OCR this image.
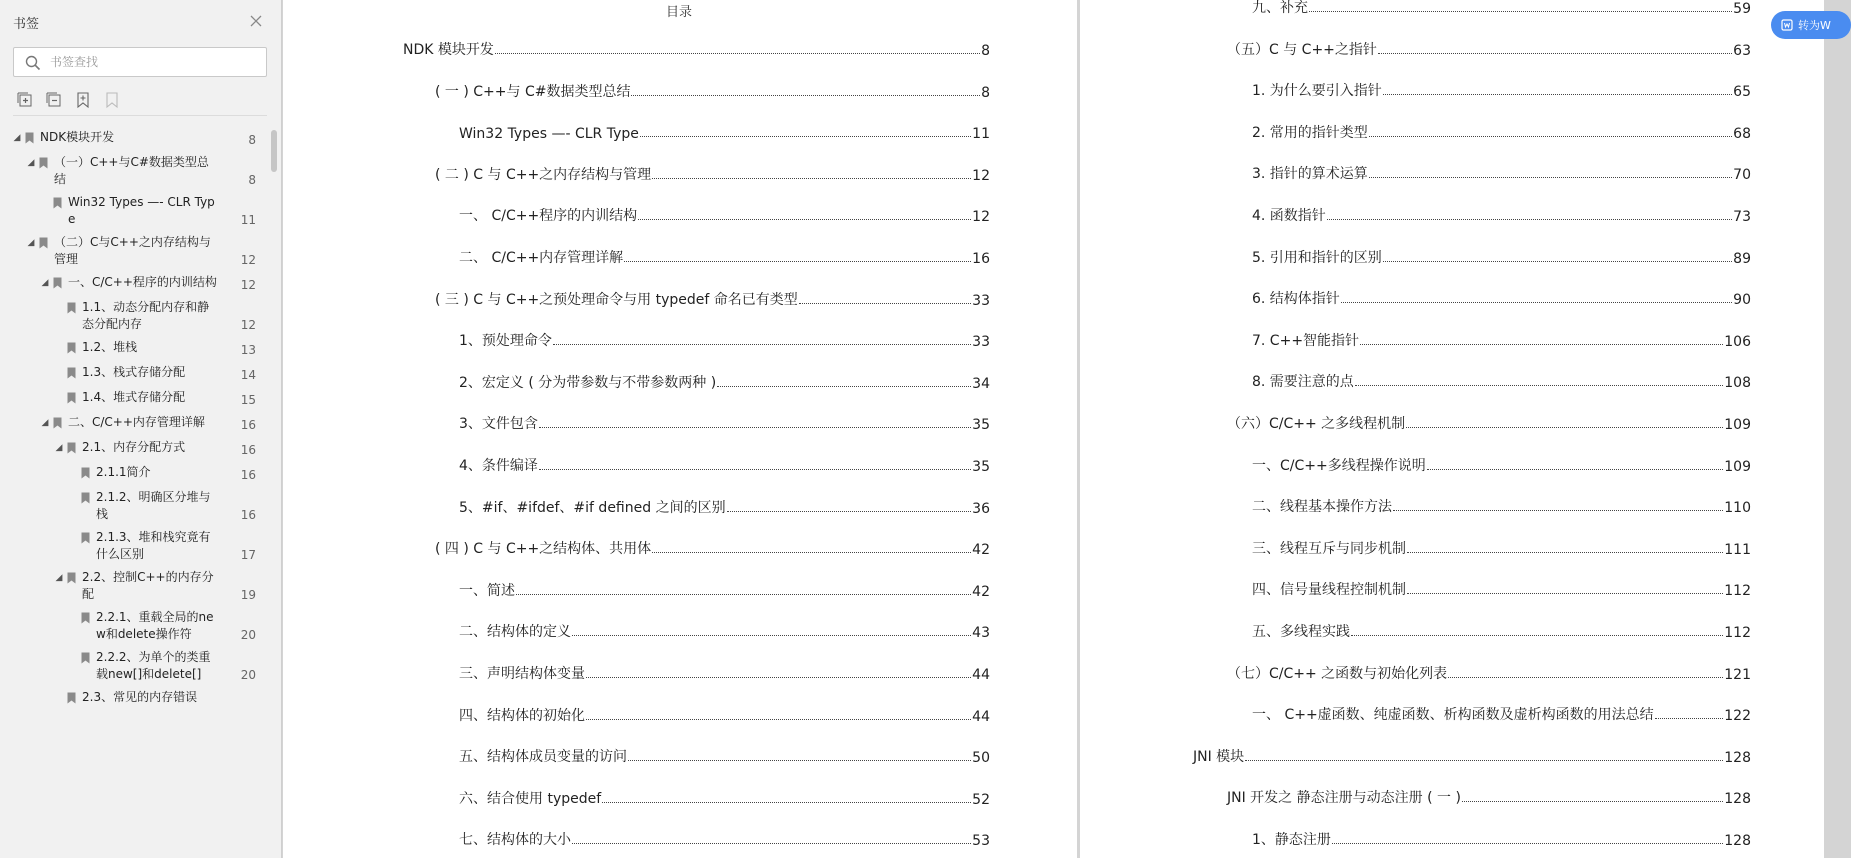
书签
书签查找
◢ NDK模块开发	8
◢ （一）C++与C#数据类型总结	8
Win32 Types —- CLR Type	11
◢ （二）C与C++之内存结构与管理	12
◢ 一、C/C++程序的内训结构 12
1.1、动态分配内存和静态分配内存	12
1.2、堆栈	13
1.3、栈式存储分配	14
1.4、堆式存储分配	15
◢ 二、C/C++内存管理详解	16
◢ 2.1、内存分配方式	16
2.1.1简介	16
2.1.2、明确区分堆与栈	16
2.1.3、堆和栈究竟有什么区别	17
◢ 2.2、控制C++的内存分配	19
2.2.1、重载全局的new和delete操作符	20
2.2.2、为单个的类重载new[]和delete[]	20
2.3、常见的内存错误
目录
NDK 模块开发	8
( 一 ) C++与 C#数据类型总结	8
Win32 Types —- CLR Type	11
( 二 ) C 与 C++之内存结构与管理	12
一、 C/C++程序的内训结构	12
二、 C/C++内存管理详解	16
( 三 ) C 与 C++之预处理命令与用 typedef 命名已有类型	33
1、预处理命令	33
2、宏定义 ( 分为带参数与不带参数两种 )	34
3、文件包含	35
4、条件编译	35
5、#if、#ifdef、#if defined 之间的区别	36
( 四 ) C 与 C++之结构体、共用体	42
一、简述	42
二、结构体的定义	43
三、声明结构体变量	44
四、结构体的初始化	44
五、结构体成员变量的访问	50
六、结合使用 typedef	52
七、结构体的大小	53
九、补充	59
（五）C 与 C++之指针	63
1. 为什么要引入指针	65
2. 常用的指针类型	68
3. 指针的算术运算	70
4. 函数指针	73
5. 引用和指针的区别	89
6. 结构体指针	90
7. C++智能指针	106
8. 需要注意的点	108
（六）C/C++ 之多线程机制	109
一、C/C++多线程操作说明	109
二、线程基本操作方法	110
三、线程互斥与同步机制	111
四、信号量线程控制机制	112
五、多线程实践	112
（七）C/C++ 之函数与初始化列表	121
一、 C++虚函数、纯虚函数、析构函数及虚析构函数的用法总结	122
JNI 模块	128
JNI 开发之 静态注册与动态注册 ( 一 )	128
1、静态注册	128
转为W
